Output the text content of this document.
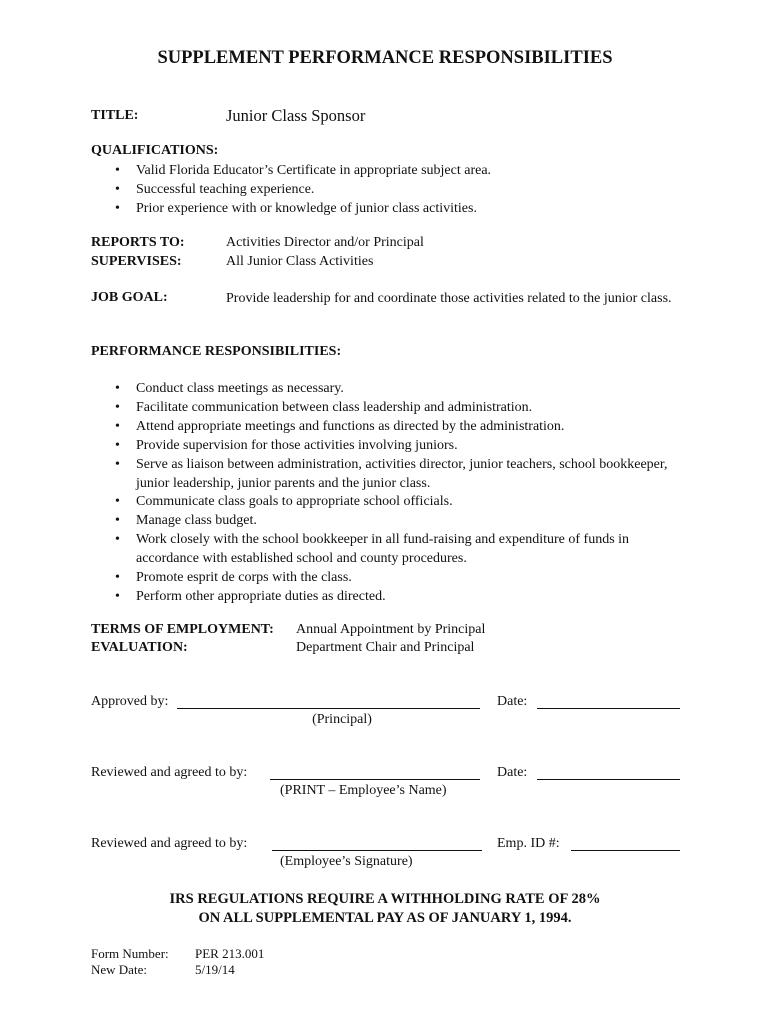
SUPPLEMENT PERFORMANCE RESPONSIBILITIES
TITLE:	Junior Class Sponsor
QUALIFICATIONS:
• Valid Florida Educator’s Certificate in appropriate subject area.
• Successful teaching experience.
• Prior experience with or knowledge of junior class activities.
REPORTS TO:	Activities Director and/or Principal
SUPERVISES:	All Junior Class Activities
JOB GOAL:	Provide leadership for and coordinate those activities related to the junior class.
PERFORMANCE RESPONSIBILITIES:
• Conduct class meetings as necessary.
• Facilitate communication between class leadership and administration.
• Attend appropriate meetings and functions as directed by the administration.
• Provide supervision for those activities involving juniors.
• Serve as liaison between administration, activities director, junior teachers, school bookkeeper, junior leadership, junior parents and the junior class.
• Communicate class goals to appropriate school officials.
• Manage class budget.
• Work closely with the school bookkeeper in all fund-raising and expenditure of funds in accordance with established school and county procedures.
• Promote esprit de corps with the class.
• Perform other appropriate duties as directed.
TERMS OF EMPLOYMENT: Annual Appointment by Principal
EVALUATION:	Department Chair and Principal
Approved by:
(Principal)
Date:
Reviewed and agreed to by:
(PRINT – Employee’s Name)
Date:
Reviewed and agreed to by:
(Employee’s Signature)
Emp. ID #:
IRS REGULATIONS REQUIRE A WITHHOLDING RATE OF 28%
ON ALL SUPPLEMENTAL PAY AS OF JANUARY 1, 1994.
Form Number: PER 213.001
New Date:	5/19/14
